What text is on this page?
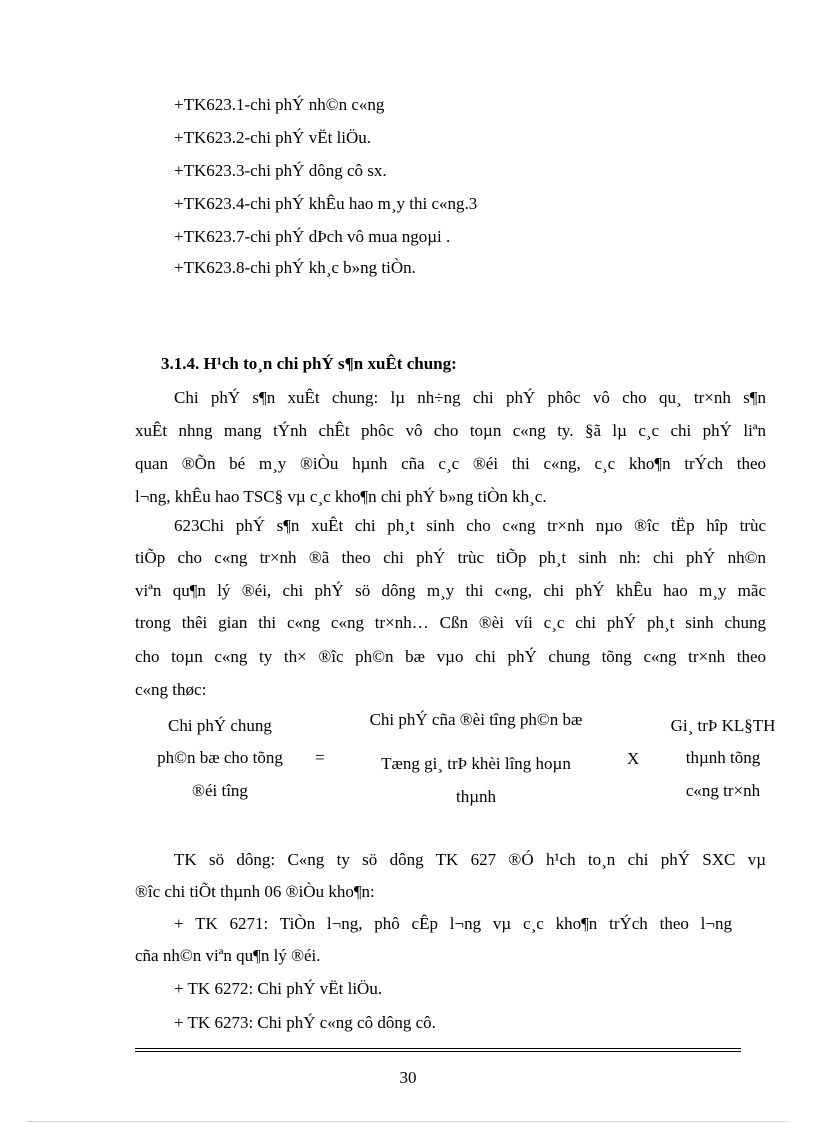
+TK623.1-chi phÝ nh©n c«ng
+TK623.2-chi phÝ vËt liÖu.
+TK623.3-chi phÝ dông cô sx.
+TK623.4-chi phÝ khÊu hao m¸y thi c«ng.3
+TK623.7-chi phÝ dÞch vô mua ngoµi .
+TK623.8-chi phÝ kh¸c b»ng tiÒn.
3.1.4. H¹ch to¸n chi phÝ s¶n xuÊt chung:
Chi phÝ s¶n xuÊt chung: lµ nh÷ng chi phÝ phôc vô cho qu¸ tr×nh s¶n
xuÊt nhng mang tÝnh chÊt phôc vô cho toµn c«ng ty. §ã lµ c¸c chi phÝ liªn
quan ®Õn bé m¸y ®iÒu hµnh cña c¸c ®éi thi c«ng, c¸c kho¶n trÝch theo
l¬ng, khÊu hao TSC§ vµ c¸c kho¶n chi phÝ b»ng tiÒn kh¸c.
623Chi phÝ s¶n xuÊt chi ph¸t sinh cho c«ng tr×nh nµo ®îc tËp hîp trùc
tiÕp cho c«ng tr×nh ®ã theo chi phÝ trùc tiÕp ph¸t sinh nh: chi phÝ nh©n
viªn qu¶n lý ®éi, chi phÝ sö dông m¸y thi c«ng, chi phÝ khÊu hao m¸y mãc
trong thêi gian thi c«ng c«ng tr×nh… Cßn ®èi víi c¸c chi phÝ ph¸t sinh chung
cho toµn c«ng ty th× ®îc ph©n bæ vµo chi phÝ chung tõng c«ng tr×nh theo
c«ng thøc:
Chi phÝ chung
ph©n bæ cho tõng
®éi tîng
=
Chi phÝ cña ®èi tîng ph©n bæ
Tæng gi¸ trÞ khèi lîng hoµn
thµnh
X
Gi¸ trÞ KL§TH
thµnh tõng
c«ng tr×nh
TK sö dông: C«ng ty sö dông TK 627 ®Ó h¹ch to¸n chi phÝ SXC vµ
®îc chi tiÕt thµnh 06 ®iÒu kho¶n:
+ TK 6271: TiÒn l¬ng, phô cÊp l¬ng vµ c¸c kho¶n trÝch theo l¬ng
cña nh©n viªn qu¶n lý ®éi.
+ TK 6272: Chi phÝ vËt liÖu.
+ TK 6273: Chi phÝ c«ng cô dông cô.
30
